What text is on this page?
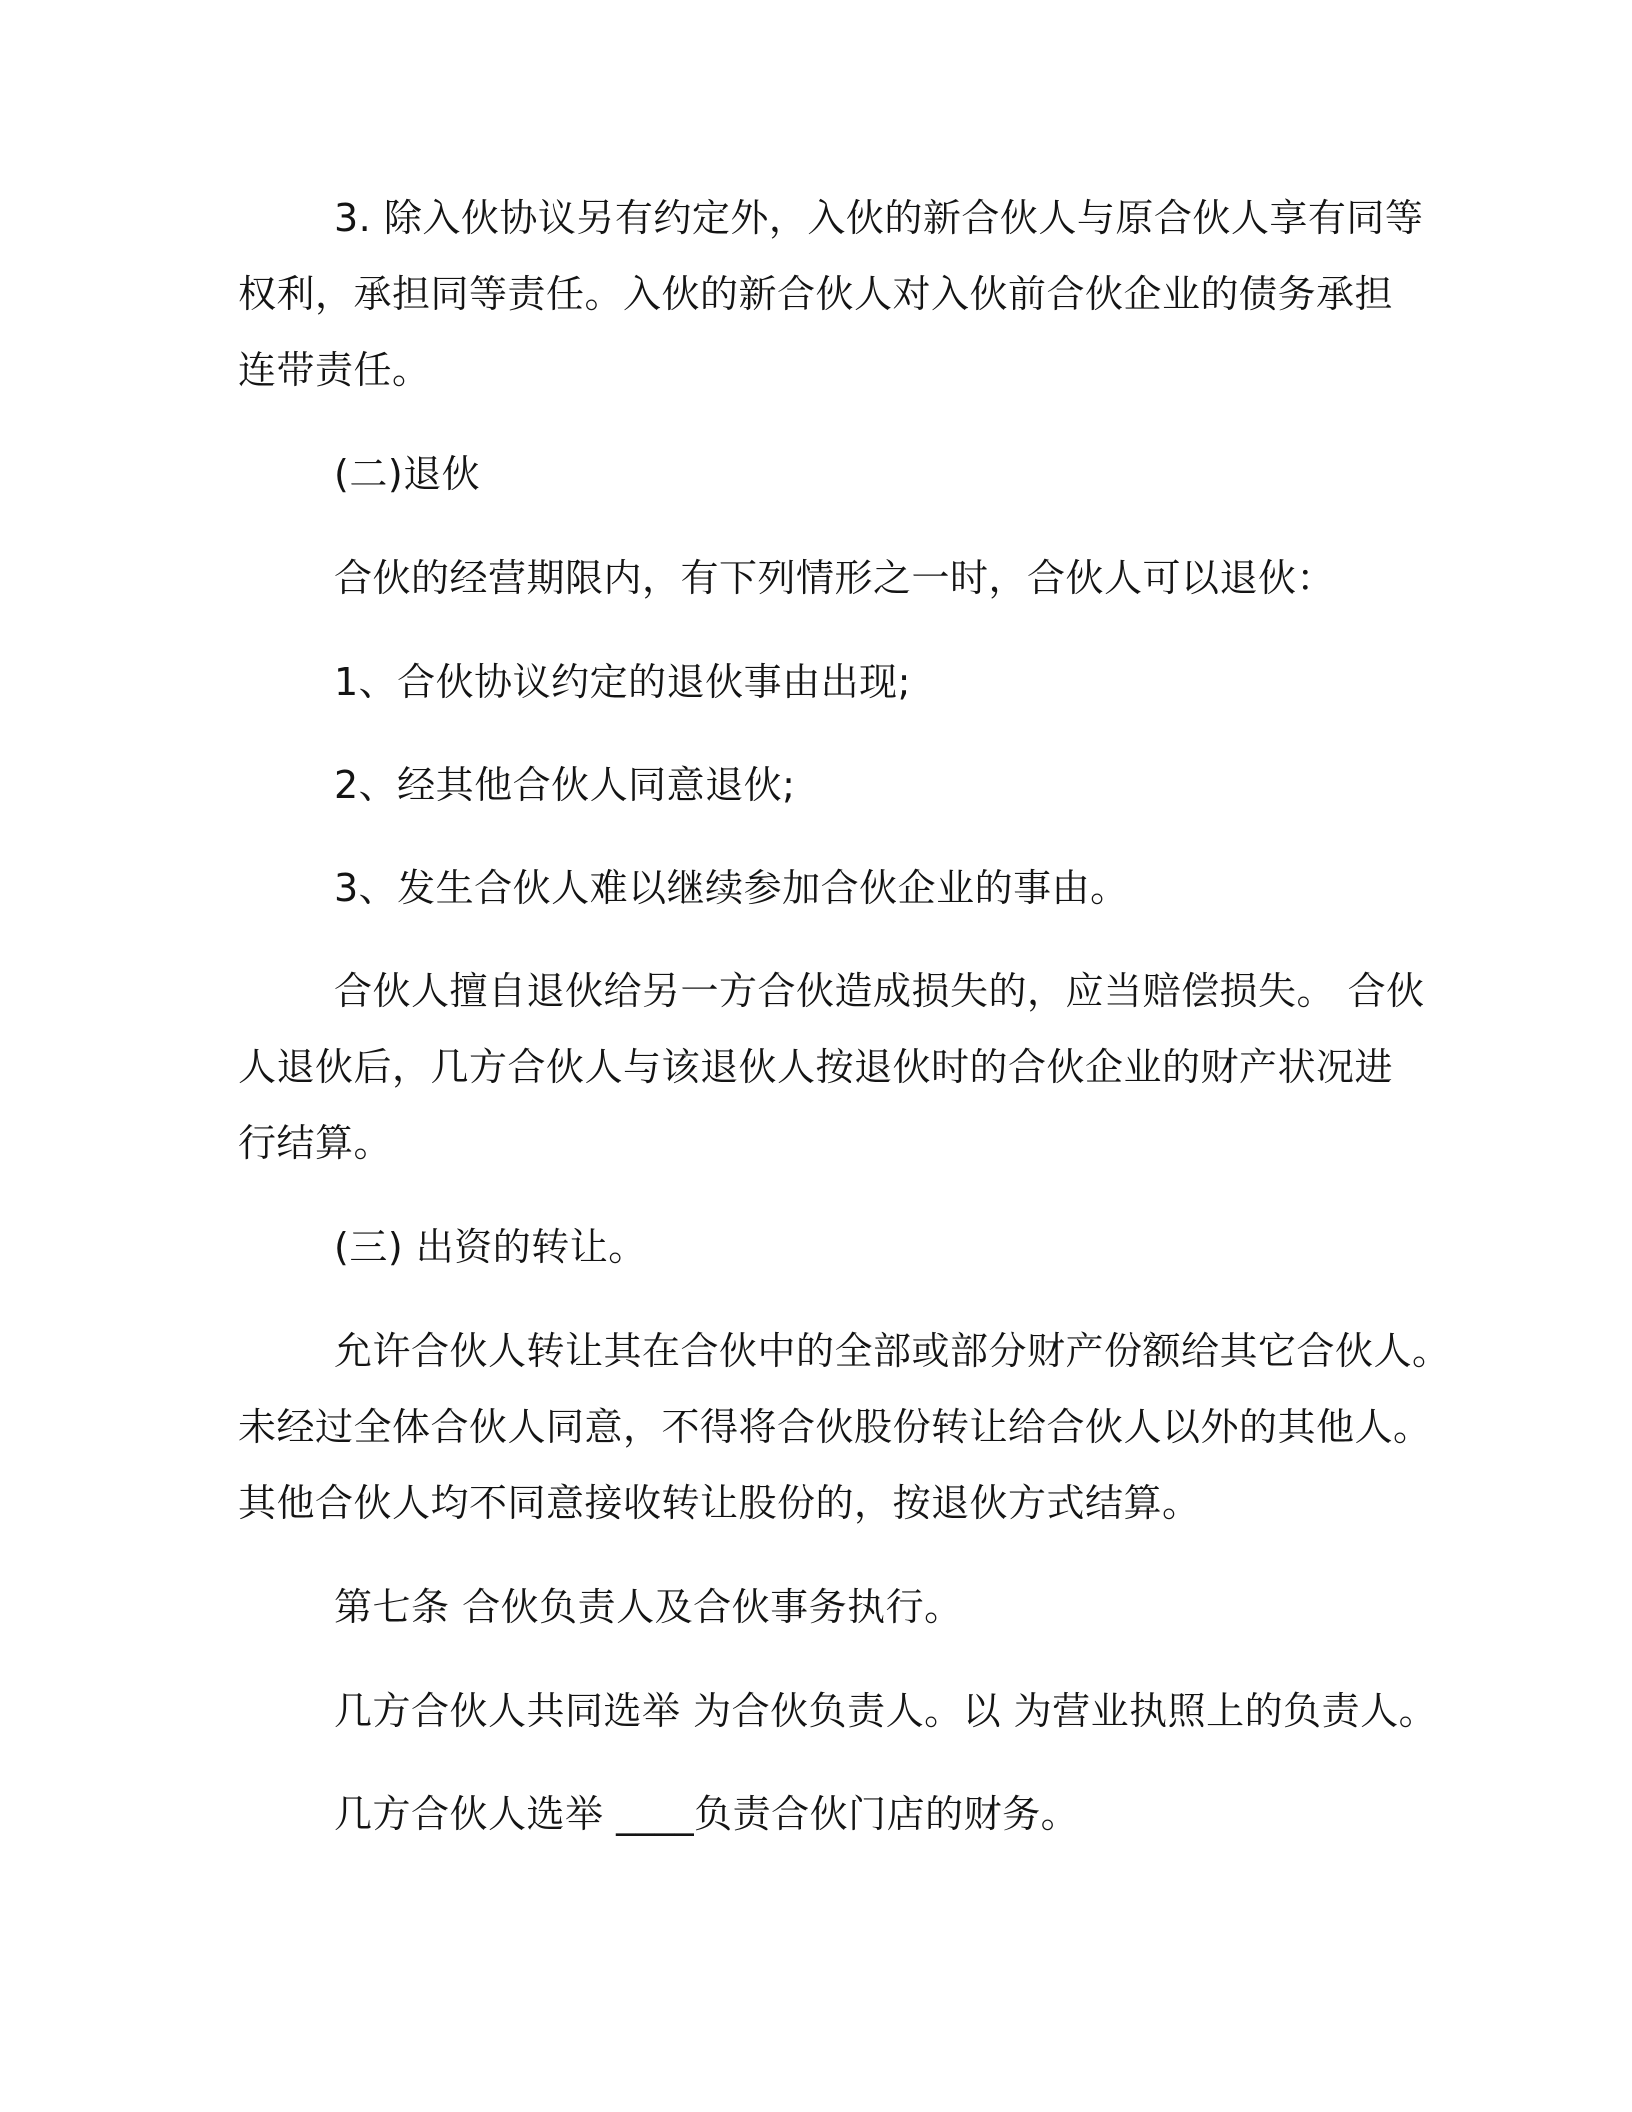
3. 除入伙协议另有约定外，入伙的新合伙人与原合伙人享有同等
权利，承担同等责任。入伙的新合伙人对入伙前合伙企业的债务承担
连带责任。
(二)退伙
合伙的经营期限内，有下列情形之一时，合伙人可以退伙：
1、合伙协议约定的退伙事由出现;
2、经其他合伙人同意退伙;
3、发生合伙人难以继续参加合伙企业的事由。
合伙人擅自退伙给另一方合伙造成损失的，应当赔偿损失。 合伙
人退伙后，几方合伙人与该退伙人按退伙时的合伙企业的财产状况进
行结算。
(三) 出资的转让。
允许合伙人转让其在合伙中的全部或部分财产份额给其它合伙人。
未经过全体合伙人同意，不得将合伙股份转让给合伙人以外的其他人。
其他合伙人均不同意接收转让股份的，按退伙方式结算。
第七条 合伙负责人及合伙事务执行。
几方合伙人共同选举 为合伙负责人。以 为营业执照上的负责人。
几方合伙人选举 ____负责合伙门店的财务。
